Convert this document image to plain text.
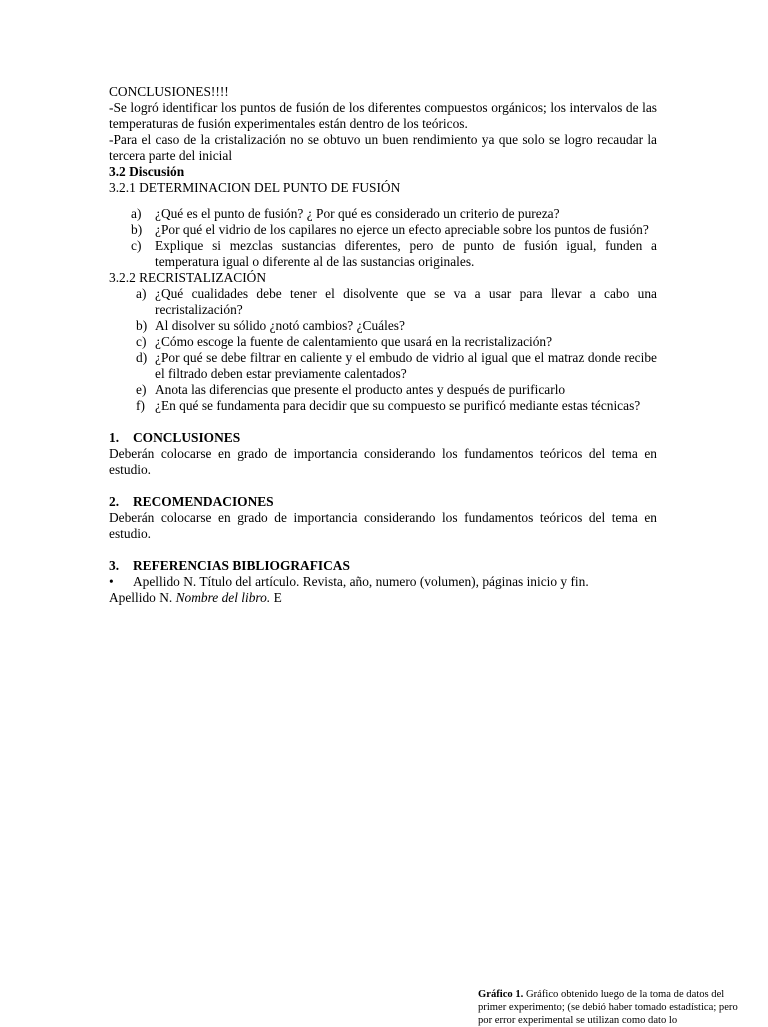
CONCLUSIONES!!!!

-Se logró identificar los puntos de fusión de los diferentes compuestos orgánicos; los intervalos de las temperaturas de fusión experimentales están dentro de los teóricos.

-Para el caso de la cristalización no se obtuvo un buen rendimiento ya que solo se logro recaudar la tercera parte del inicial

3.2 Discusión

3.2.1 DETERMINACION DEL PUNTO DE FUSIÓN

a) ¿Qué es el punto de fusión? ¿ Por qué es considerado un criterio de pureza?

b) ¿Por qué el vidrio de los capilares no ejerce un efecto apreciable sobre los puntos de fusión?

c) Explique si mezclas sustancias diferentes, pero de punto de fusión igual, funden a temperatura igual o diferente al de las sustancias originales.

3.2.2 RECRISTALIZACIÓN

a) ¿Qué cualidades debe tener el disolvente que se va a usar para llevar a cabo una recristalización?

b) Al disolver su sólido ¿notó cambios? ¿Cuáles?

c) ¿Cómo escoge la fuente de calentamiento que usará en la recristalización?

d) ¿Por qué se debe filtrar en caliente y el embudo de vidrio al igual que el matraz donde recibe el filtrado deben estar previamente calentados?

e) Anota las diferencias que presente el producto antes y después de purificarlo

f) ¿En qué se fundamenta para decidir que su compuesto se purificó mediante estas técnicas?

1. CONCLUSIONES

Deberán colocarse en grado de importancia considerando los fundamentos teóricos del tema en estudio.

2. RECOMENDACIONES

Deberán colocarse en grado de importancia considerando los fundamentos teóricos del tema en estudio.

3. REFERENCIAS BIBLIOGRAFICAS

• Apellido N. Título del artículo. Revista, año, numero (volumen), páginas inicio y fin.

Apellido N. Nombre del libro. E

Gráfico 1. Gráfico obtenido luego de la toma de datos del primer experimento; (se debió haber tomado estadística; pero por error experimental se utilizan como dato lo
